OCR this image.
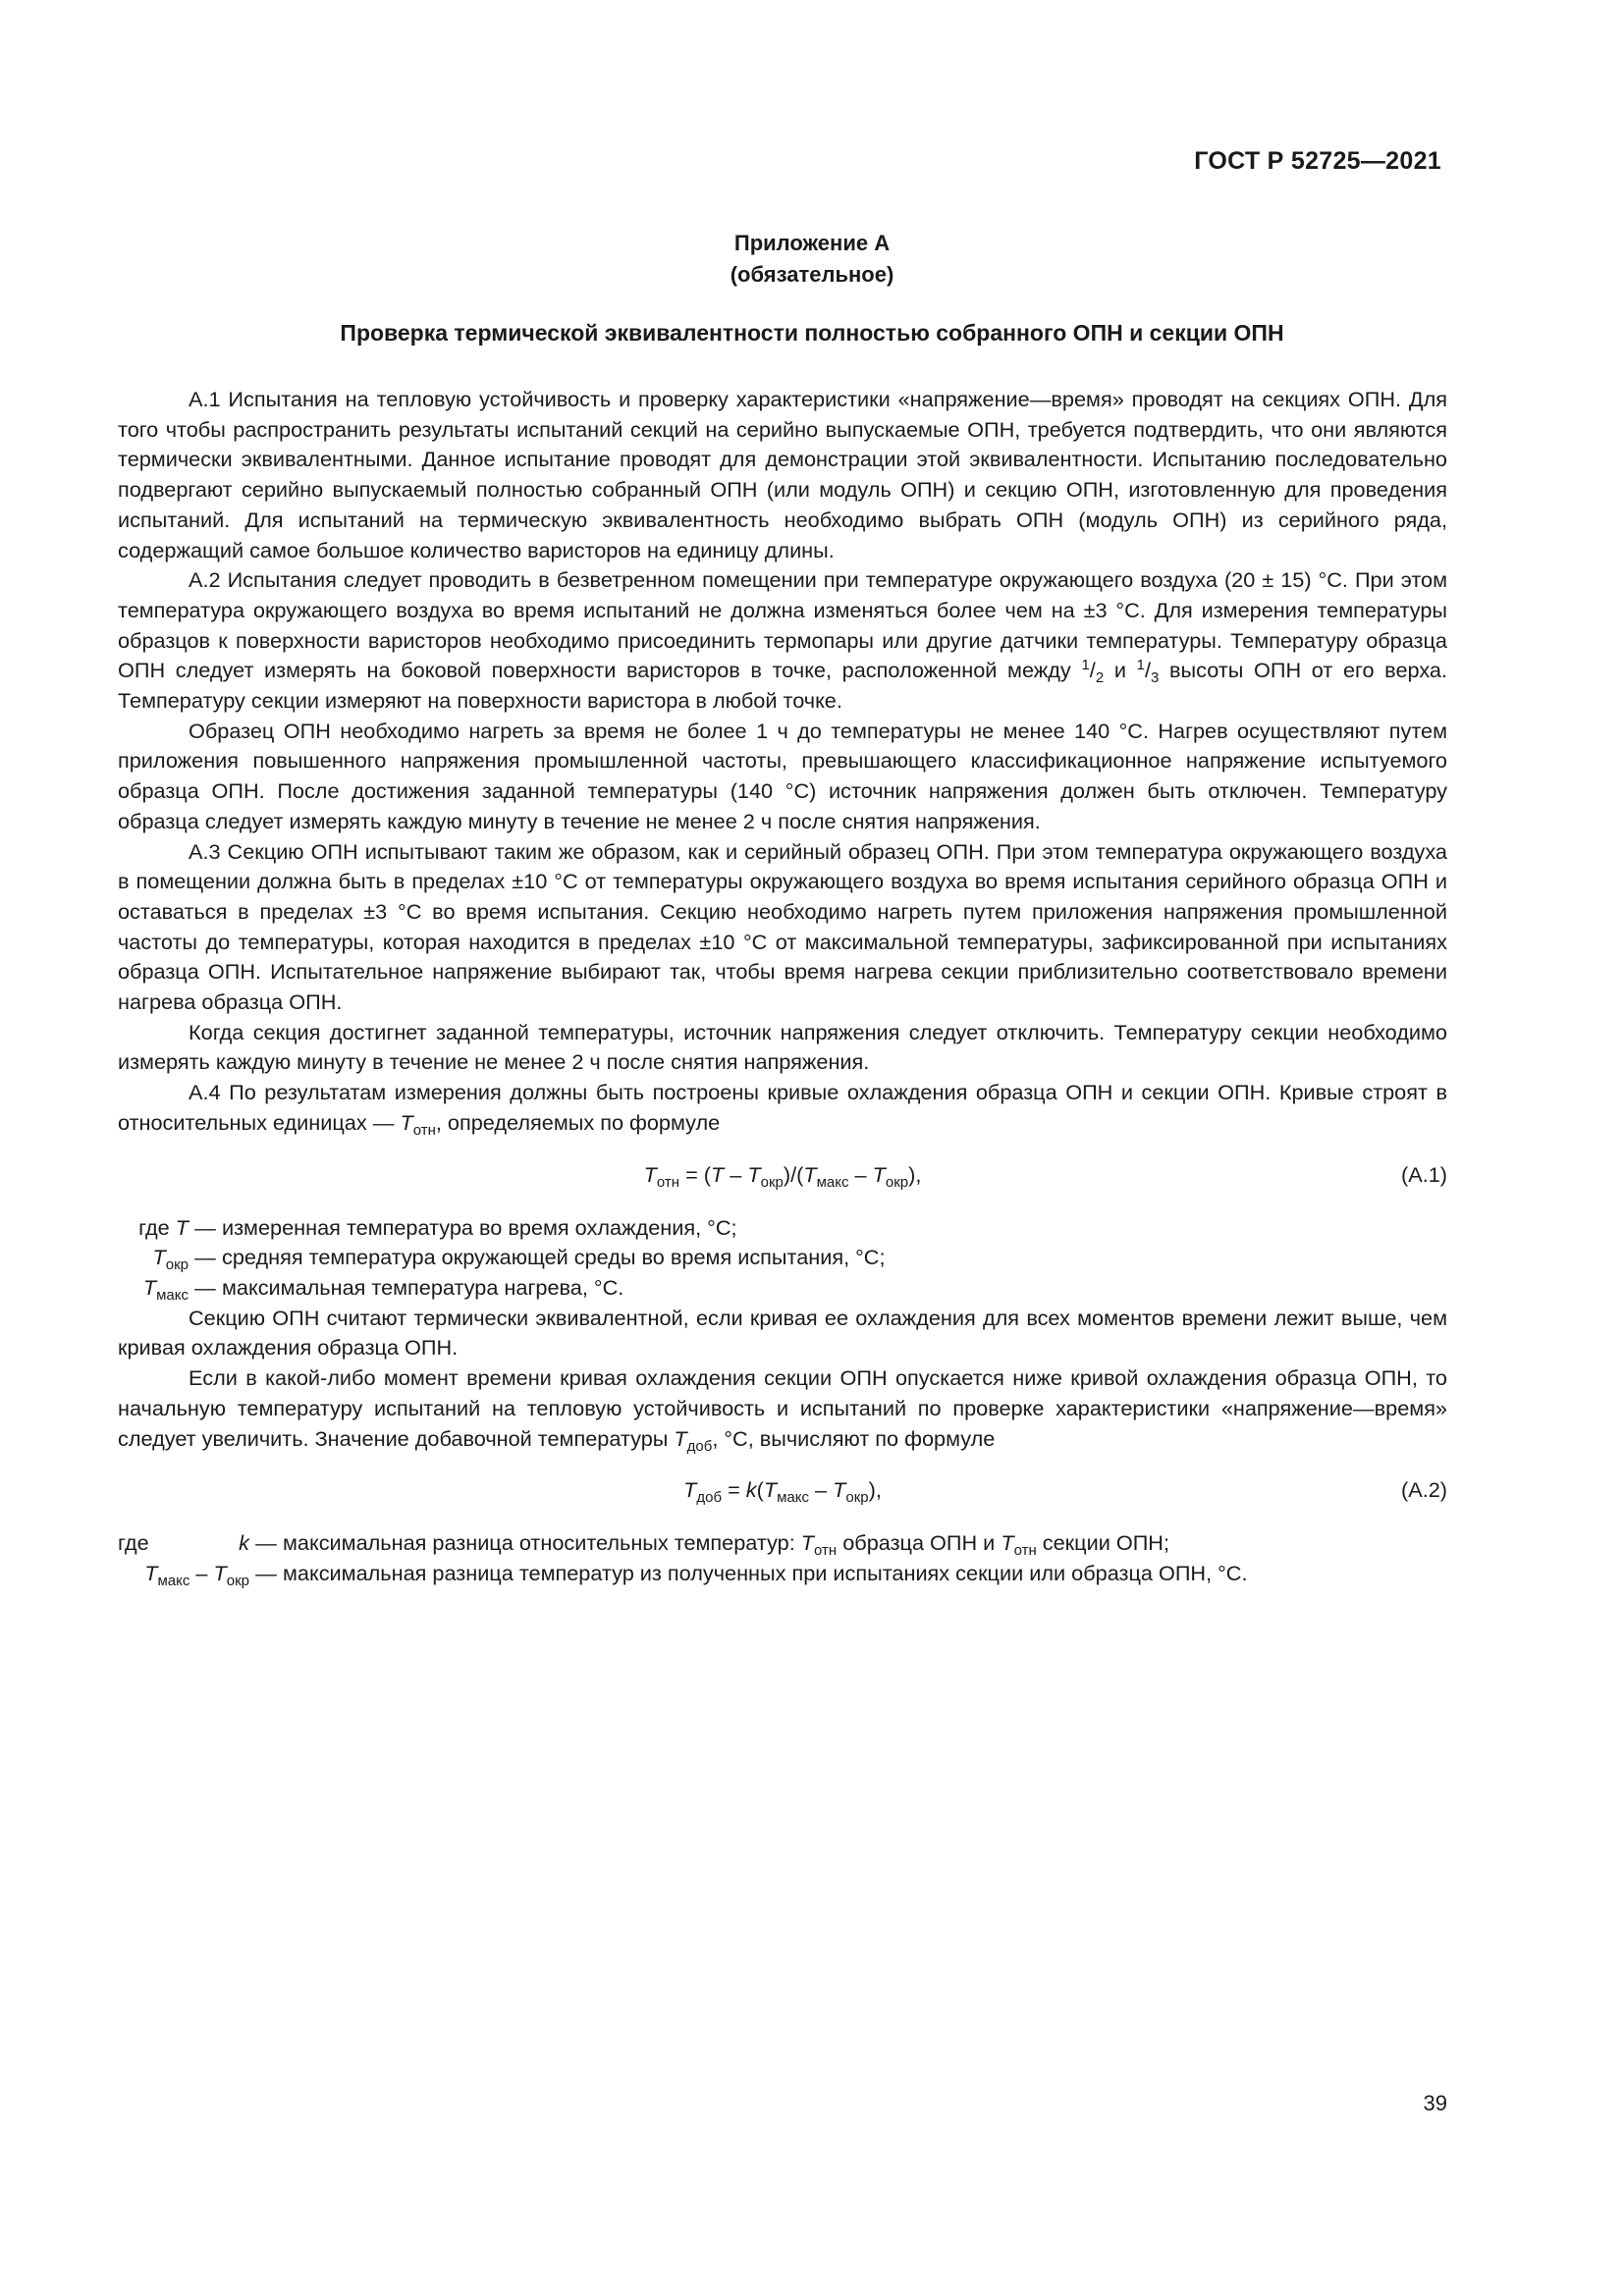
ГОСТ Р 52725—2021
Приложение А
(обязательное)
Проверка термической эквивалентности полностью собранного ОПН и секции ОПН

А.1 Испытания на тепловую устойчивость и проверку характеристики «напряжение—время» проводят на секциях ОПН. Для того чтобы распространить результаты испытаний секций на серийно выпускаемые ОПН, требуется подтвердить, что они являются термически эквивалентными. Данное испытание проводят для демонстрации этой эквивалентности. Испытанию последовательно подвергают серийно выпускаемый полностью собранный ОПН (или модуль ОПН) и секцию ОПН, изготовленную для проведения испытаний. Для испытаний на термическую эквивалентность необходимо выбрать ОПН (модуль ОПН) из серийного ряда, содержащий самое большое количество варисторов на единицу длины.

А.2 Испытания следует проводить в безветренном помещении при температуре окружающего воздуха (20 ± 15) °С. При этом температура окружающего воздуха во время испытаний не должна изменяться более чем на ±3 °С. Для измерения температуры образцов к поверхности варисторов необходимо присоединить термопары или другие датчики температуры. Температуру образца ОПН следует измерять на боковой поверхности варисторов в точке, расположенной между $^1/_2$ и $^1/_3$ высоты ОПН от его верха. Температуру секции измеряют на поверхности варистора в любой точке.

Образец ОПН необходимо нагреть за время не более 1 ч до температуры не менее 140 °С. Нагрев осуществляют путем приложения повышенного напряжения промышленной частоты, превышающего классификационное напряжение испытуемого образца ОПН. После достижения заданной температуры (140 °С) источник напряжения должен быть отключен. Температуру образца следует измерять каждую минуту в течение не менее 2 ч после снятия напряжения.

А.3 Секцию ОПН испытывают таким же образом, как и серийный образец ОПН. При этом температура окружающего воздуха в помещении должна быть в пределах ±10 °С от температуры окружающего воздуха во время испытания серийного образца ОПН и оставаться в пределах ±3 °С во время испытания. Секцию необходимо нагреть путем приложения напряжения промышленной частоты до температуры, которая находится в пределах ±10 °С от максимальной температуры, зафиксированной при испытаниях образца ОПН. Испытательное напряжение выбирают так, чтобы время нагрева секции приблизительно соответствовало времени нагрева образца ОПН.

Когда секция достигнет заданной температуры, источник напряжения следует отключить. Температуру секции необходимо измерять каждую минуту в течение не менее 2 ч после снятия напряжения.

А.4 По результатам измерения должны быть построены кривые охлаждения образца ОПН и секции ОПН. Кривые строят в относительных единицах — $T_{отн}$, определяемых по формуле

$T_{отн} = (T - T_{окр})/(T_{макс} - T_{окр})$,	(А.1)
где T	—	измеренная температура во время охлаждения, °С;
$T_{окр}$	—	средняя температура окружающей среды во время испытания, °С;
$T_{макс}$	—	максимальная температура нагрева, °С.

Секцию ОПН считают термически эквивалентной, если кривая ее охлаждения для всех моментов времени лежит выше, чем кривая охлаждения образца ОПН.

Если в какой-либо момент времени кривая охлаждения секции ОПН опускается ниже кривой охлаждения образца ОПН, то начальную температуру испытаний на тепловую устойчивость и испытаний по проверке характеристики «напряжение—время» следует увеличить. Значение добавочной температуры $T_{доб}$, °С, вычисляют по формуле

$T_{доб} = k(T_{макс} - T_{окр})$,	(А.2)
где k	—	максимальная разница относительных температур: $T_{отн}$ образца ОПН и $T_{отн}$ секции ОПН;
$T_{макс} - T_{окр}$	—	максимальная разница температур из полученных при испытаниях секции или образца ОПН, °С.
39
